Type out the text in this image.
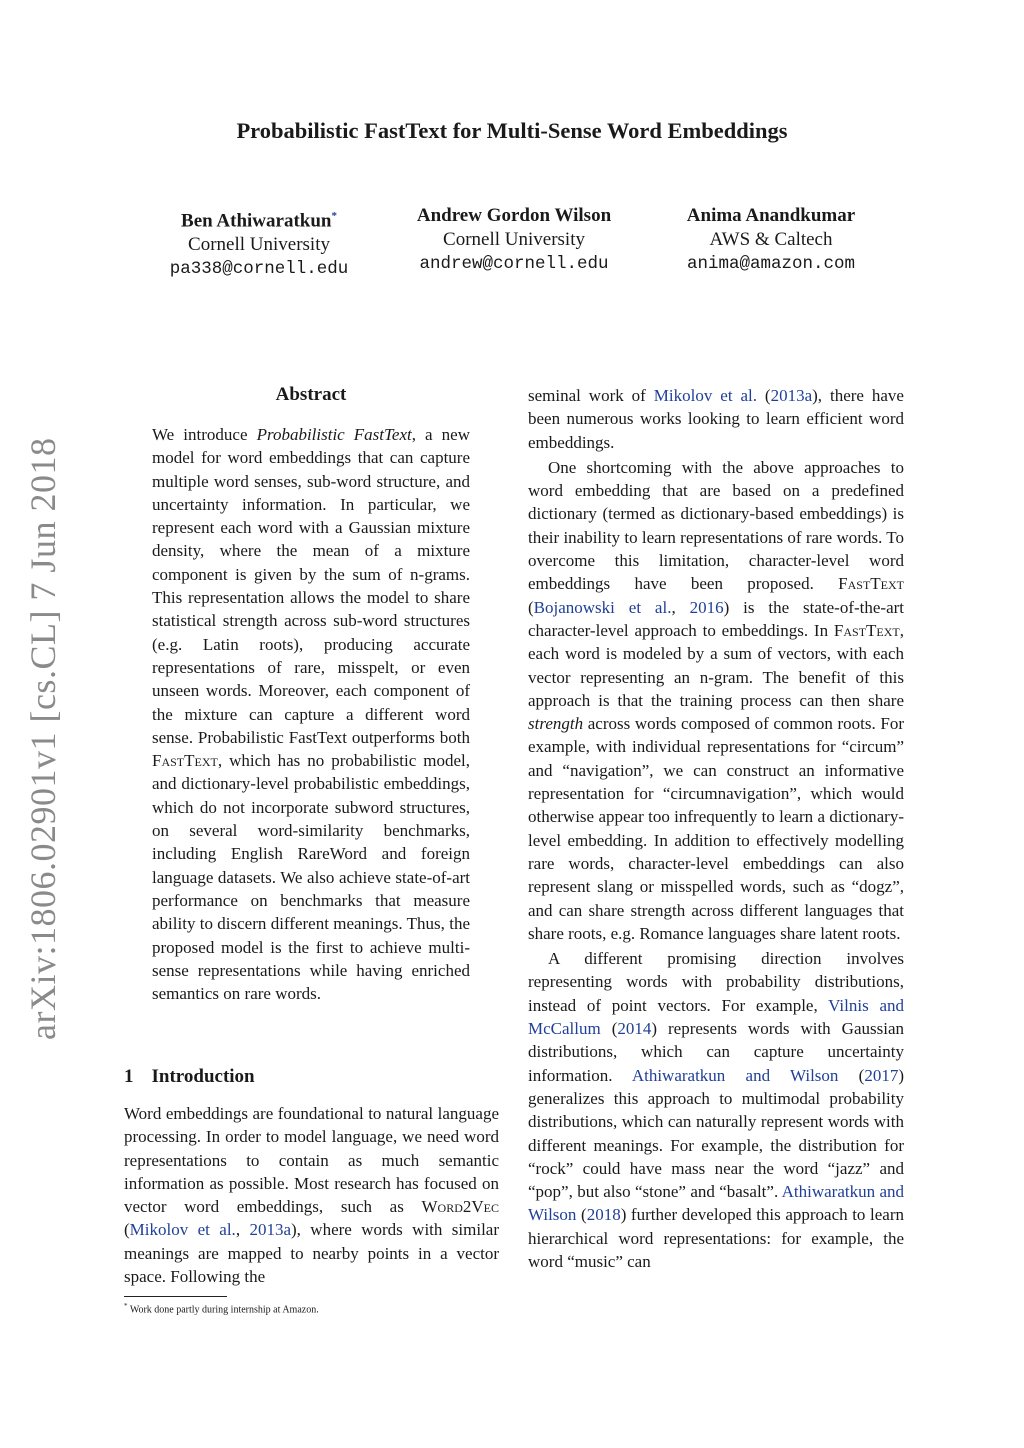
arXiv:1806.02901v1 [cs.CL] 7 Jun 2018
Probabilistic FastText for Multi-Sense Word Embeddings
Ben Athiwaratkun*
Cornell University
pa338@cornell.edu
Andrew Gordon Wilson
Cornell University
andrew@cornell.edu
Anima Anandkumar
AWS & Caltech
anima@amazon.com
Abstract

We introduce Probabilistic FastText, a new model for word embeddings that can capture multiple word senses, sub-word structure, and uncertainty information. In particular, we represent each word with a Gaussian mixture density, where the mean of a mixture component is given by the sum of n-grams. This representation allows the model to share statistical strength across sub-word structures (e.g. Latin roots), producing accurate representations of rare, misspelt, or even unseen words. Moreover, each component of the mixture can capture a different word sense. Probabilistic FastText outperforms both FastText, which has no probabilistic model, and dictionary-level probabilistic embeddings, which do not incorporate subword structures, on several word-similarity benchmarks, including English RareWord and foreign language datasets. We also achieve state-of-art performance on benchmarks that measure ability to discern different meanings. Thus, the proposed model is the first to achieve multi-sense representations while having enriched semantics on rare words.

1 Introduction

Word embeddings are foundational to natural language processing. In order to model language, we need word representations to contain as much semantic information as possible. Most research has focused on vector word embeddings, such as Word2Vec (Mikolov et al., 2013a), where words with similar meanings are mapped to nearby points in a vector space. Following the

* Work done partly during internship at Amazon.

seminal work of Mikolov et al. (2013a), there have been numerous works looking to learn efficient word embeddings.

One shortcoming with the above approaches to word embedding that are based on a predefined dictionary (termed as dictionary-based embeddings) is their inability to learn representations of rare words. To overcome this limitation, character-level word embeddings have been proposed. FastText (Bojanowski et al., 2016) is the state-of-the-art character-level approach to embeddings. In FastText, each word is modeled by a sum of vectors, with each vector representing an n-gram. The benefit of this approach is that the training process can then share strength across words composed of common roots. For example, with individual representations for “circum” and “navigation”, we can construct an informative representation for “circumnavigation”, which would otherwise appear too infrequently to learn a dictionary-level embedding. In addition to effectively modelling rare words, character-level embeddings can also represent slang or misspelled words, such as “dogz”, and can share strength across different languages that share roots, e.g. Romance languages share latent roots.

A different promising direction involves representing words with probability distributions, instead of point vectors. For example, Vilnis and McCallum (2014) represents words with Gaussian distributions, which can capture uncertainty information. Athiwaratkun and Wilson (2017) generalizes this approach to multimodal probability distributions, which can naturally represent words with different meanings. For example, the distribution for “rock” could have mass near the word “jazz” and “pop”, but also “stone” and “basalt”. Athiwaratkun and Wilson (2018) further developed this approach to learn hierarchical word representations: for example, the word “music” can
